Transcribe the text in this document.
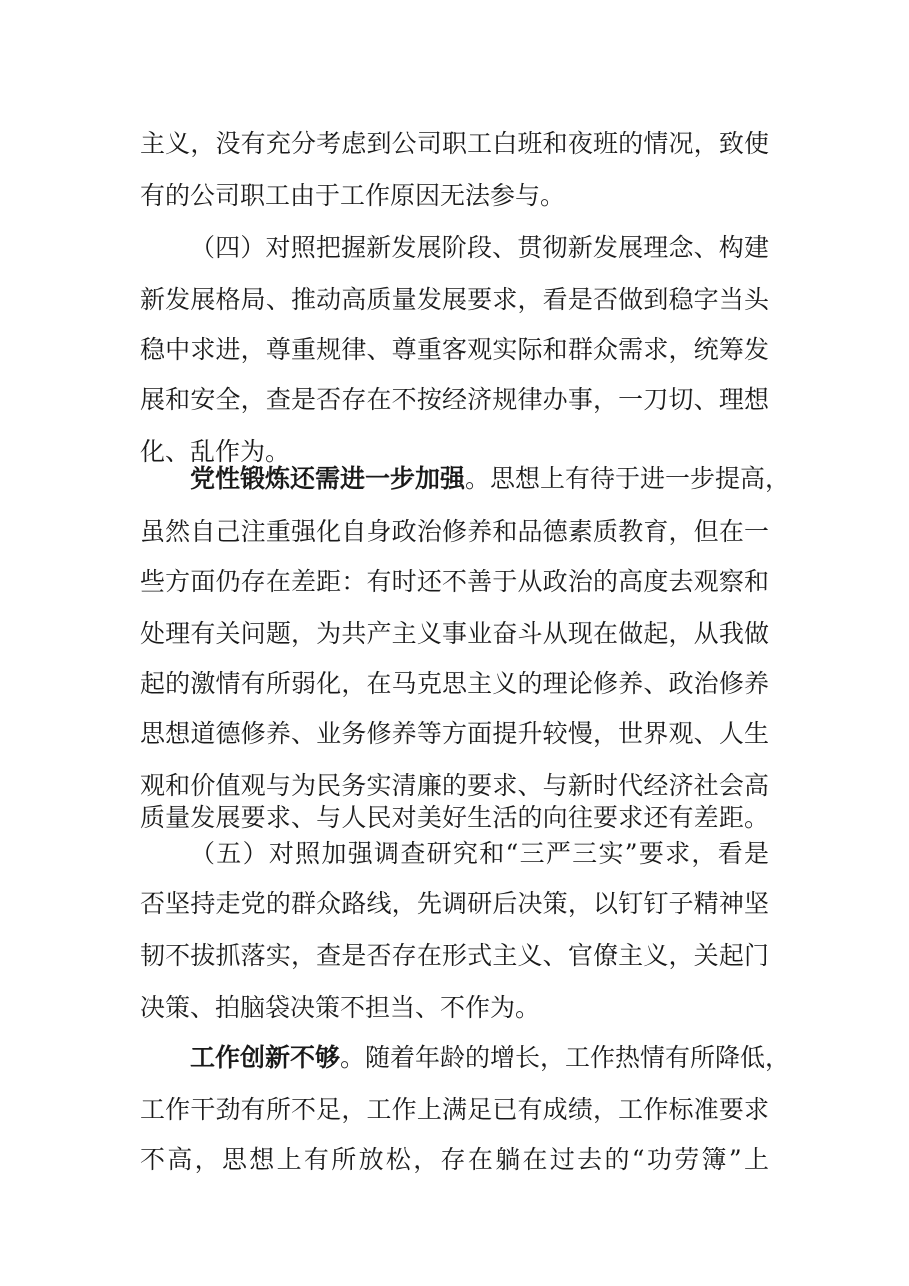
主义，没有充分考虑到公司职工白班和夜班的情况，致使
有的公司职工由于工作原因无法参与。
（四）对照把握新发展阶段、贯彻新发展理念、构建
新发展格局、推动高质量发展要求，看是否做到稳字当头
稳中求进，尊重规律、尊重客观实际和群众需求，统筹发
展和安全，查是否存在不按经济规律办事，一刀切、理想
化、乱作为。
党性锻炼还需进一步加强。思想上有待于进一步提高，
虽然自己注重强化自身政治修养和品德素质教育，但在一
些方面仍存在差距：有时还不善于从政治的高度去观察和
处理有关问题，为共产主义事业奋斗从现在做起，从我做
起的激情有所弱化，在马克思主义的理论修养、政治修养
思想道德修养、业务修养等方面提升较慢，世界观、人生
观和价值观与为民务实清廉的要求、与新时代经济社会高
质量发展要求、与人民对美好生活的向往要求还有差距。
（五）对照加强调查研究和“三严三实”要求，看是
否坚持走党的群众路线，先调研后决策，以钉钉子精神坚
韧不拔抓落实，查是否存在形式主义、官僚主义，关起门
决策、拍脑袋决策不担当、不作为。
工作创新不够。随着年龄的增长，工作热情有所降低，
工作干劲有所不足，工作上满足已有成绩，工作标准要求
不高，思想上有所放松，存在躺在过去的“功劳簿”上
